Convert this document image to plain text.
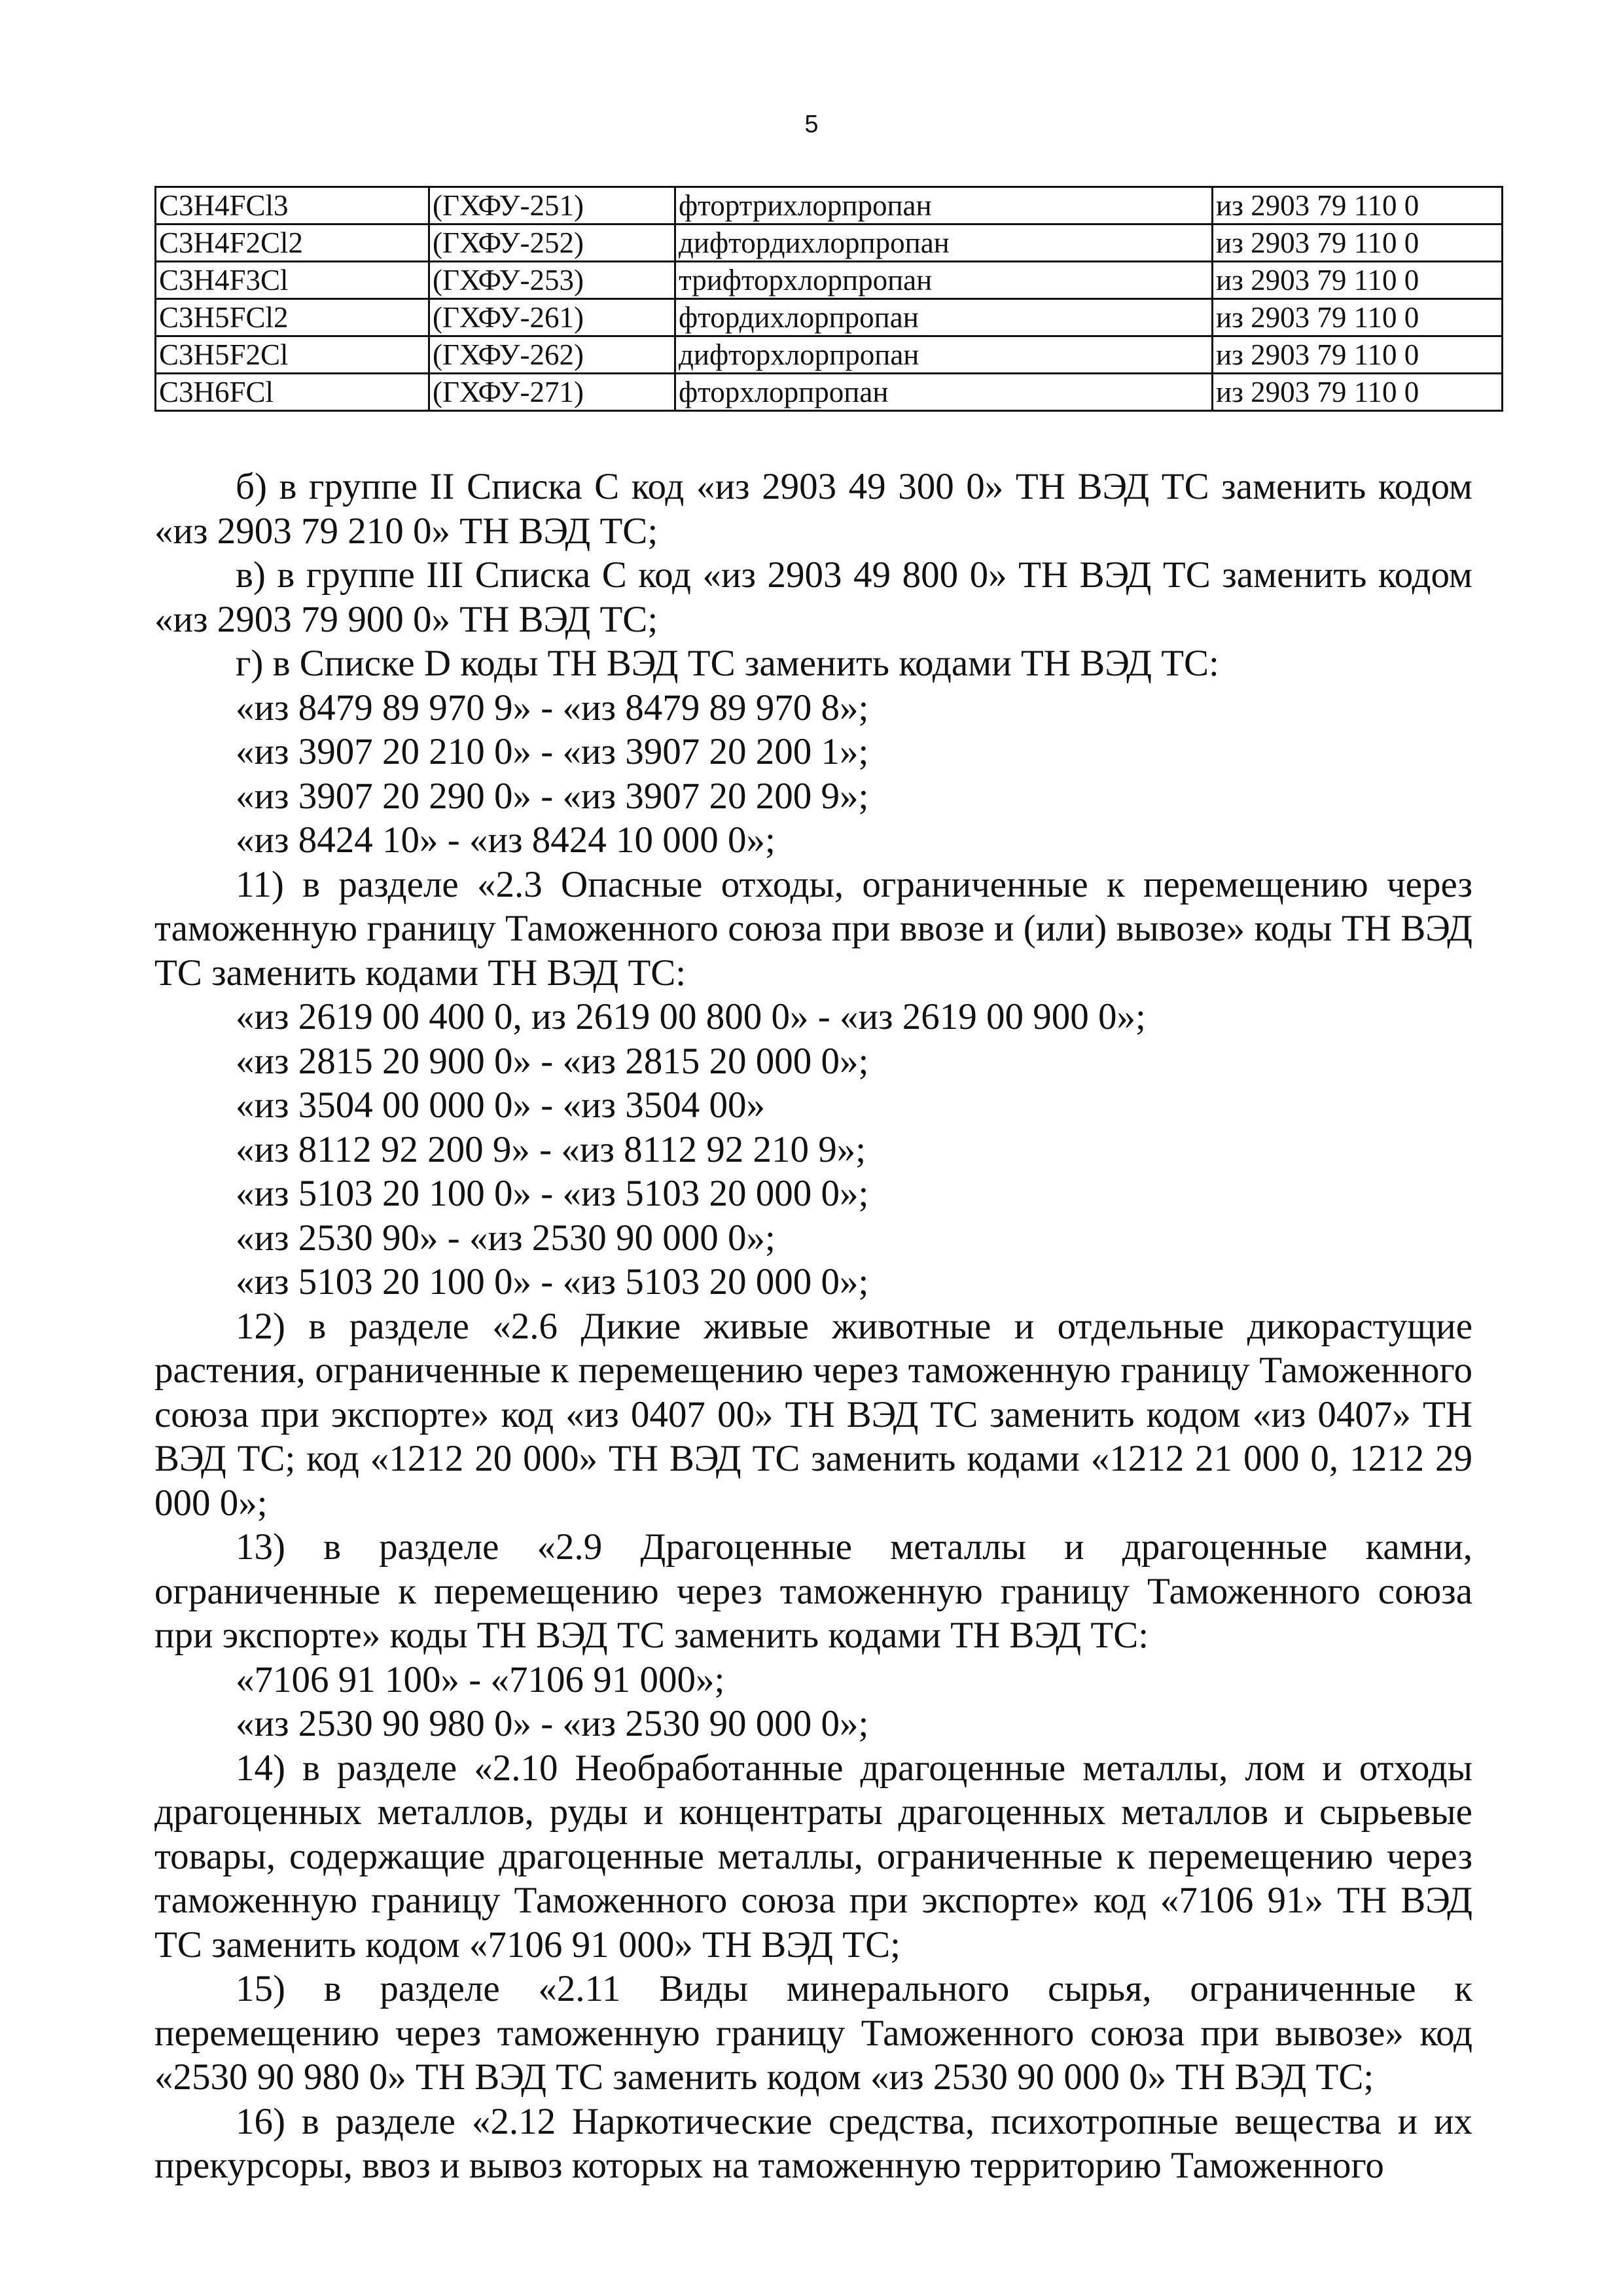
5
C3H4FCl3	(ГХФУ-251)	фтортрихлорпропан	из 2903 79 110 0
C3H4F2Cl2	(ГХФУ-252)	дифтордихлорпропан	из 2903 79 110 0
C3H4F3Cl	(ГХФУ-253)	трифторхлорпропан	из 2903 79 110 0
C3H5FCl2	(ГХФУ-261)	фтордихлорпропан	из 2903 79 110 0
C3H5F2Cl	(ГХФУ-262)	дифторхлорпропан	из 2903 79 110 0
C3H6FCl	(ГХФУ-271)	фторхлорпропан	из 2903 79 110 0

б) в группе II Списка С код «из 2903 49 300 0» ТН ВЭД ТС заменить кодом «из 2903 79 210 0» ТН ВЭД ТС;

в) в группе III Списка С код «из 2903 49 800 0» ТН ВЭД ТС заменить кодом «из 2903 79 900 0» ТН ВЭД ТС;

г) в Списке D коды ТН ВЭД ТС заменить кодами ТН ВЭД ТС:

«из 8479 89 970 9» - «из 8479 89 970 8»;

«из 3907 20 210 0» - «из 3907 20 200 1»;

«из 3907 20 290 0» - «из 3907 20 200 9»;

«из 8424 10» - «из 8424 10 000 0»;

11) в разделе «2.3 Опасные отходы, ограниченные к перемещению через таможенную границу Таможенного союза при ввозе и (или) вывозе» коды ТН ВЭД ТС заменить кодами ТН ВЭД ТС:

«из 2619 00 400 0, из 2619 00 800 0» - «из 2619 00 900 0»;

«из 2815 20 900 0» - «из 2815 20 000 0»;

«из 3504 00 000 0» - «из 3504 00»

«из 8112 92 200 9» - «из 8112 92 210 9»;

«из 5103 20 100 0» - «из 5103 20 000 0»;

«из 2530 90» - «из 2530 90 000 0»;

«из 5103 20 100 0» - «из 5103 20 000 0»;

12) в разделе «2.6 Дикие живые животные и отдельные дикорастущие растения, ограниченные к перемещению через таможенную границу Таможенного союза при экспорте» код «из 0407 00» ТН ВЭД ТС заменить кодом «из 0407» ТН ВЭД ТС; код «1212 20 000» ТН ВЭД ТС заменить кодами «1212 21 000 0, 1212 29 000 0»;

13) в разделе «2.9 Драгоценные металлы и драгоценные камни, ограниченные к перемещению через таможенную границу Таможенного союза при экспорте» коды ТН ВЭД ТС заменить кодами ТН ВЭД ТС:

«7106 91 100» - «7106 91 000»;

«из 2530 90 980 0» - «из 2530 90 000 0»;

14) в разделе «2.10 Необработанные драгоценные металлы, лом и отходы драгоценных металлов, руды и концентраты драгоценных металлов и сырьевые товары, содержащие драгоценные металлы, ограниченные к перемещению через таможенную границу Таможенного союза при экспорте» код «7106 91» ТН ВЭД ТС заменить кодом «7106 91 000» ТН ВЭД ТС;

15) в разделе «2.11 Виды минерального сырья, ограниченные к перемещению через таможенную границу Таможенного союза при вывозе» код «2530 90 980 0» ТН ВЭД ТС заменить кодом «из 2530 90 000 0» ТН ВЭД ТС;

16) в разделе «2.12 Наркотические средства, психотропные вещества и их прекурсоры, ввоз и вывоз которых на таможенную территорию Таможенного
